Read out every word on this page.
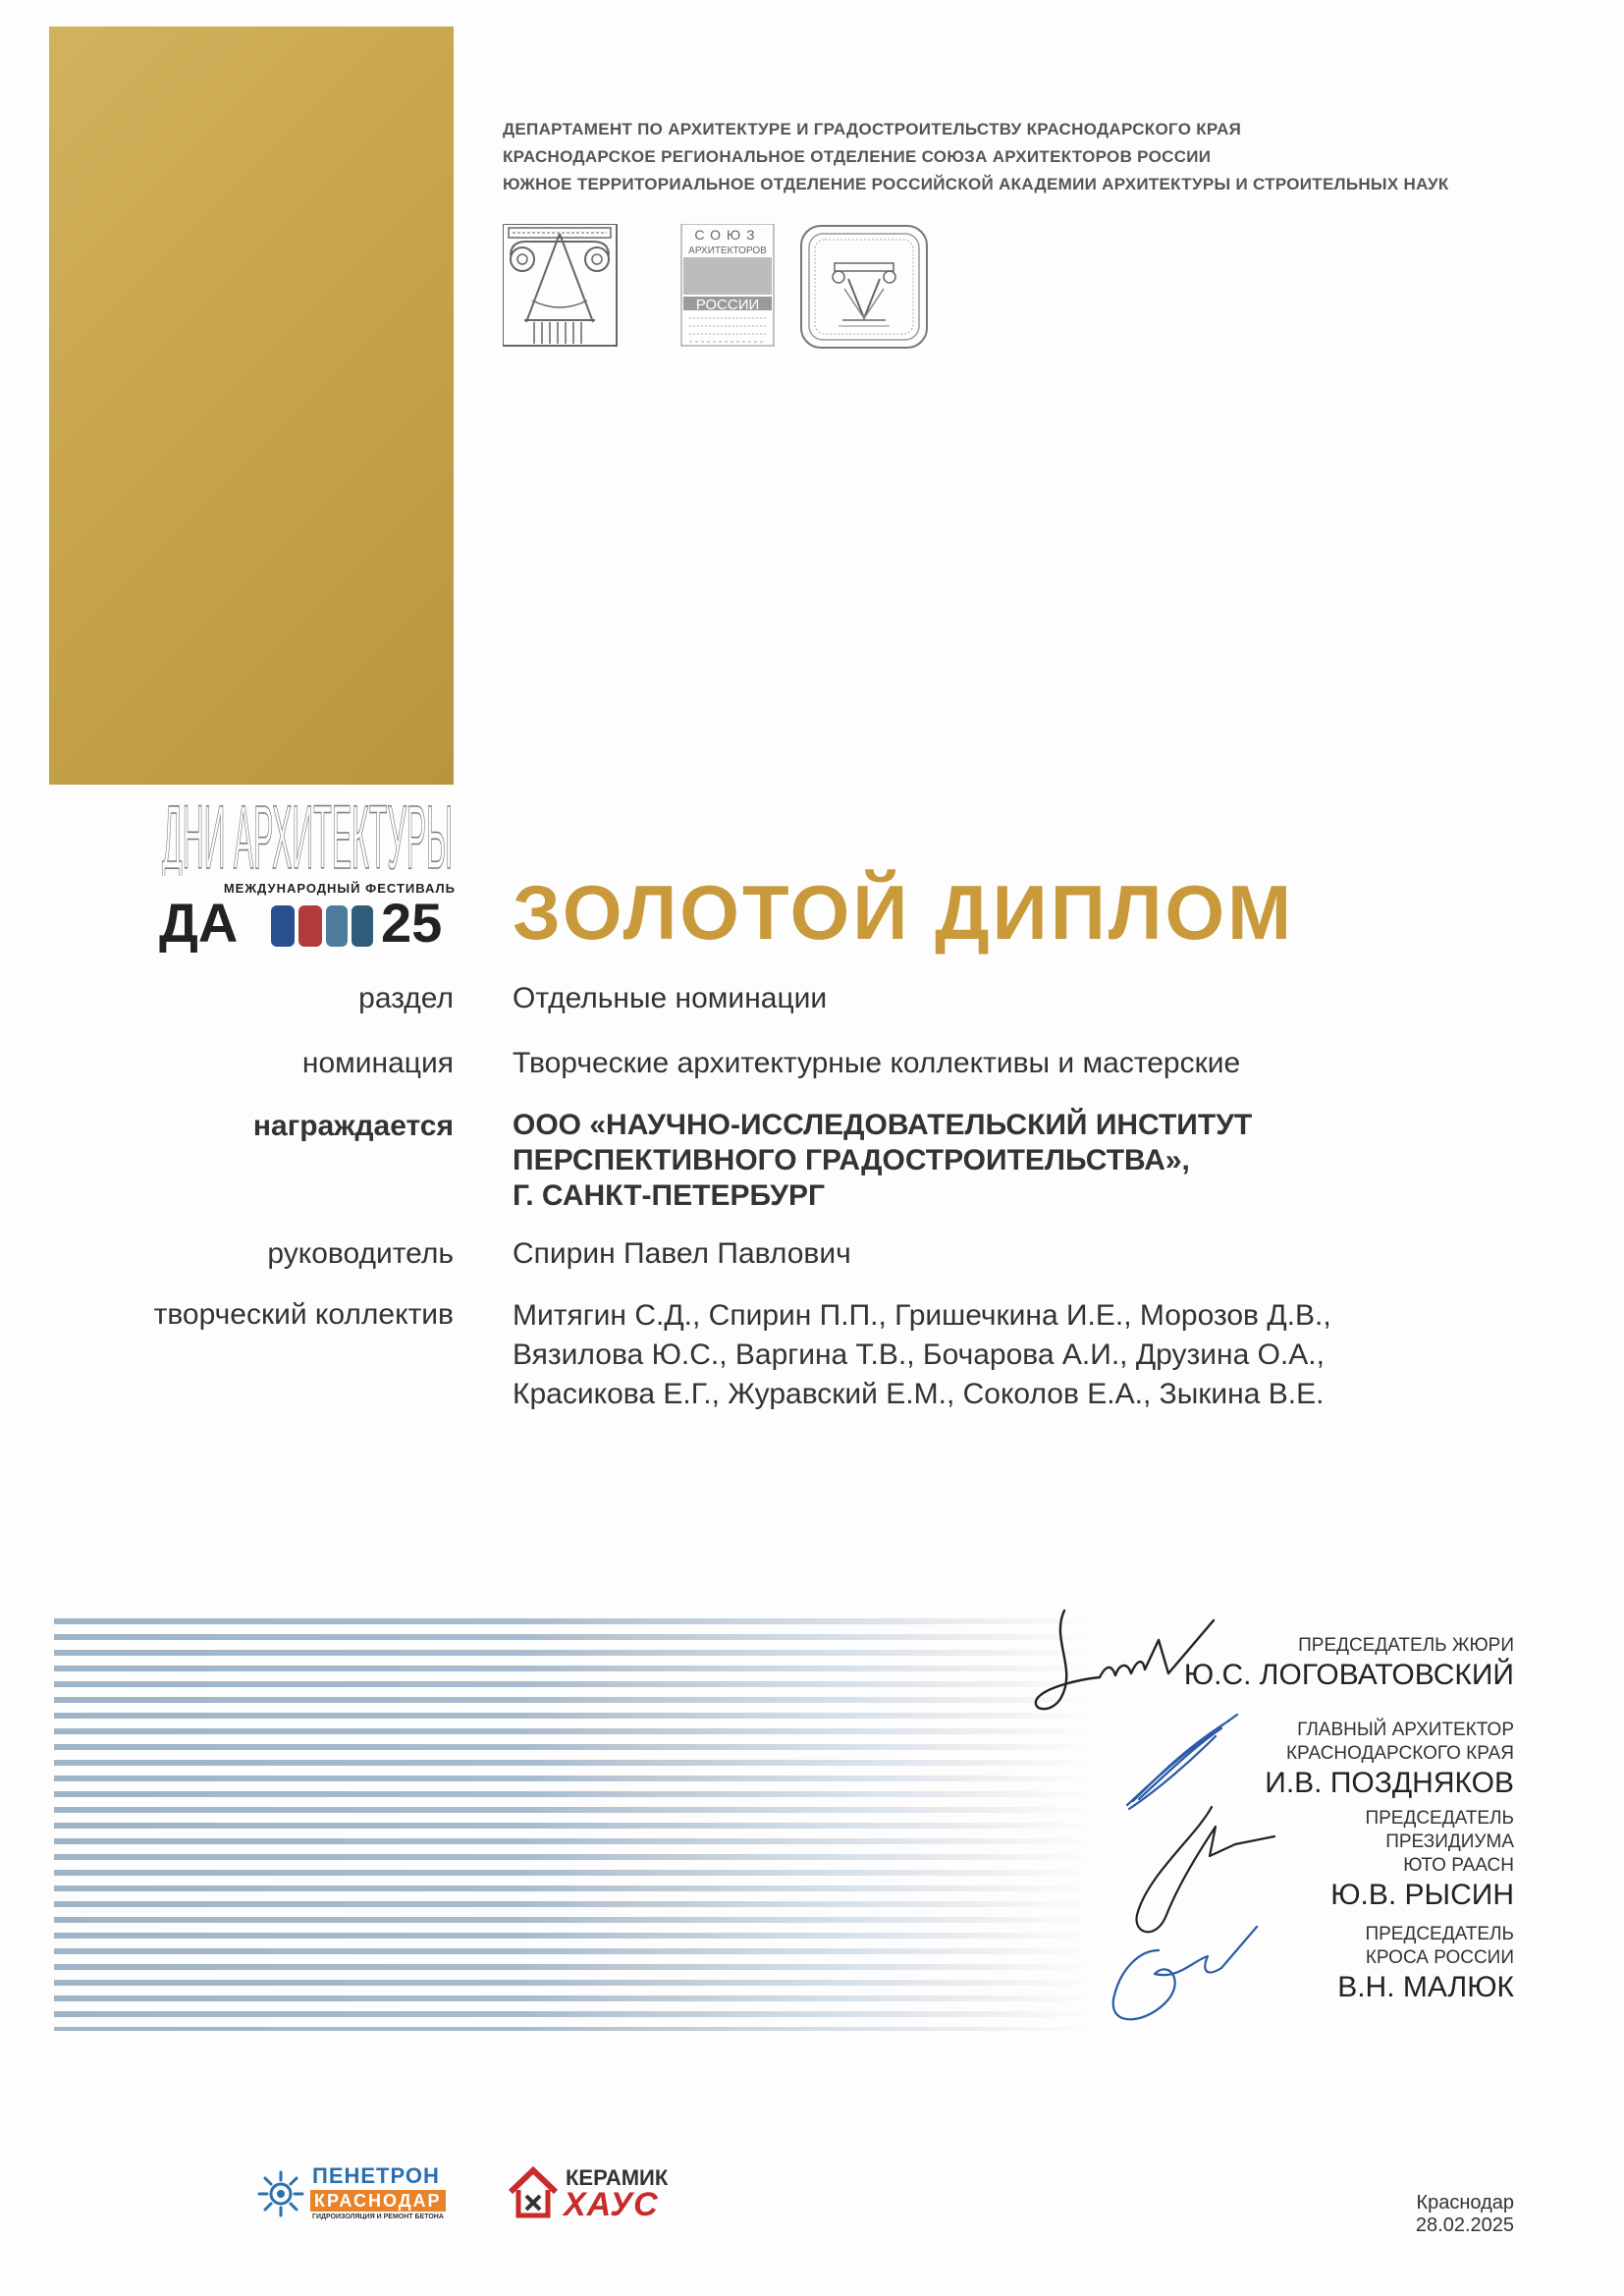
ДЕПАРТАМЕНТ ПО АРХИТЕКТУРЕ И ГРАДОСТРОИТЕЛЬСТВУ КРАСНОДАРСКОГО КРАЯ
КРАСНОДАРСКОЕ РЕГИОНАЛЬНОЕ ОТДЕЛЕНИЕ СОЮЗА АРХИТЕКТОРОВ РОССИИ
ЮЖНОЕ ТЕРРИТОРИАЛЬНОЕ ОТДЕЛЕНИЕ РОССИЙСКОЙ АКАДЕМИИ АРХИТЕКТУРЫ И СТРОИТЕЛЬНЫХ НАУК
СОЮЗ
АРХИТЕКТОРОВ
РОССИИ
ДНИ АРХИТЕКТУРЫ
МЕЖДУНАРОДНЫЙ ФЕСТИВАЛЬ
ДА	25 ЗОЛОТОЙ ДИПЛОМ
раздел Отдельные номинации
номинация Творческие архитектурные коллективы и мастерские
награждается ООО «НАУЧНО-ИССЛЕДОВАТЕЛЬСКИЙ ИНСТИТУТ
ПЕРСПЕКТИВНОГО ГРАДОСТРОИТЕЛЬСТВА»,
Г. САНКТ-ПЕТЕРБУРГ
руководитель Спирин Павел Павлович
творческий коллектив Митягин С.Д., Спирин П.П., Гришечкина И.Е., Морозов Д.В.,
Вязилова Ю.С., Варгина Т.В., Бочарова А.И., Друзина О.А.,
Красикова Е.Г., Журавский Е.М., Соколов Е.А., Зыкина В.Е.
ПРЕДСЕДАТЕЛЬ ЖЮРИ
Ю.С. ЛОГОВАТОВСКИЙ
ГЛАВНЫЙ АРХИТЕКТОР
КРАСНОДАРСКОГО КРАЯ
И.В. ПОЗДНЯКОВ
ПРЕДСЕДАТЕЛЬ
ПРЕЗИДИУМА
ЮТО РААСН
Ю.В. РЫСИН
ПРЕДСЕДАТЕЛЬ
КРОСА РОССИИ
В.Н. МАЛЮК
ПЕНЕТРОН
КРАСНОДАР
ГИДРОИЗОЛЯЦИЯ И РЕМОНТ БЕТОНА
КЕРАМИК
ХАУС	Краснодар
28.02.2025
